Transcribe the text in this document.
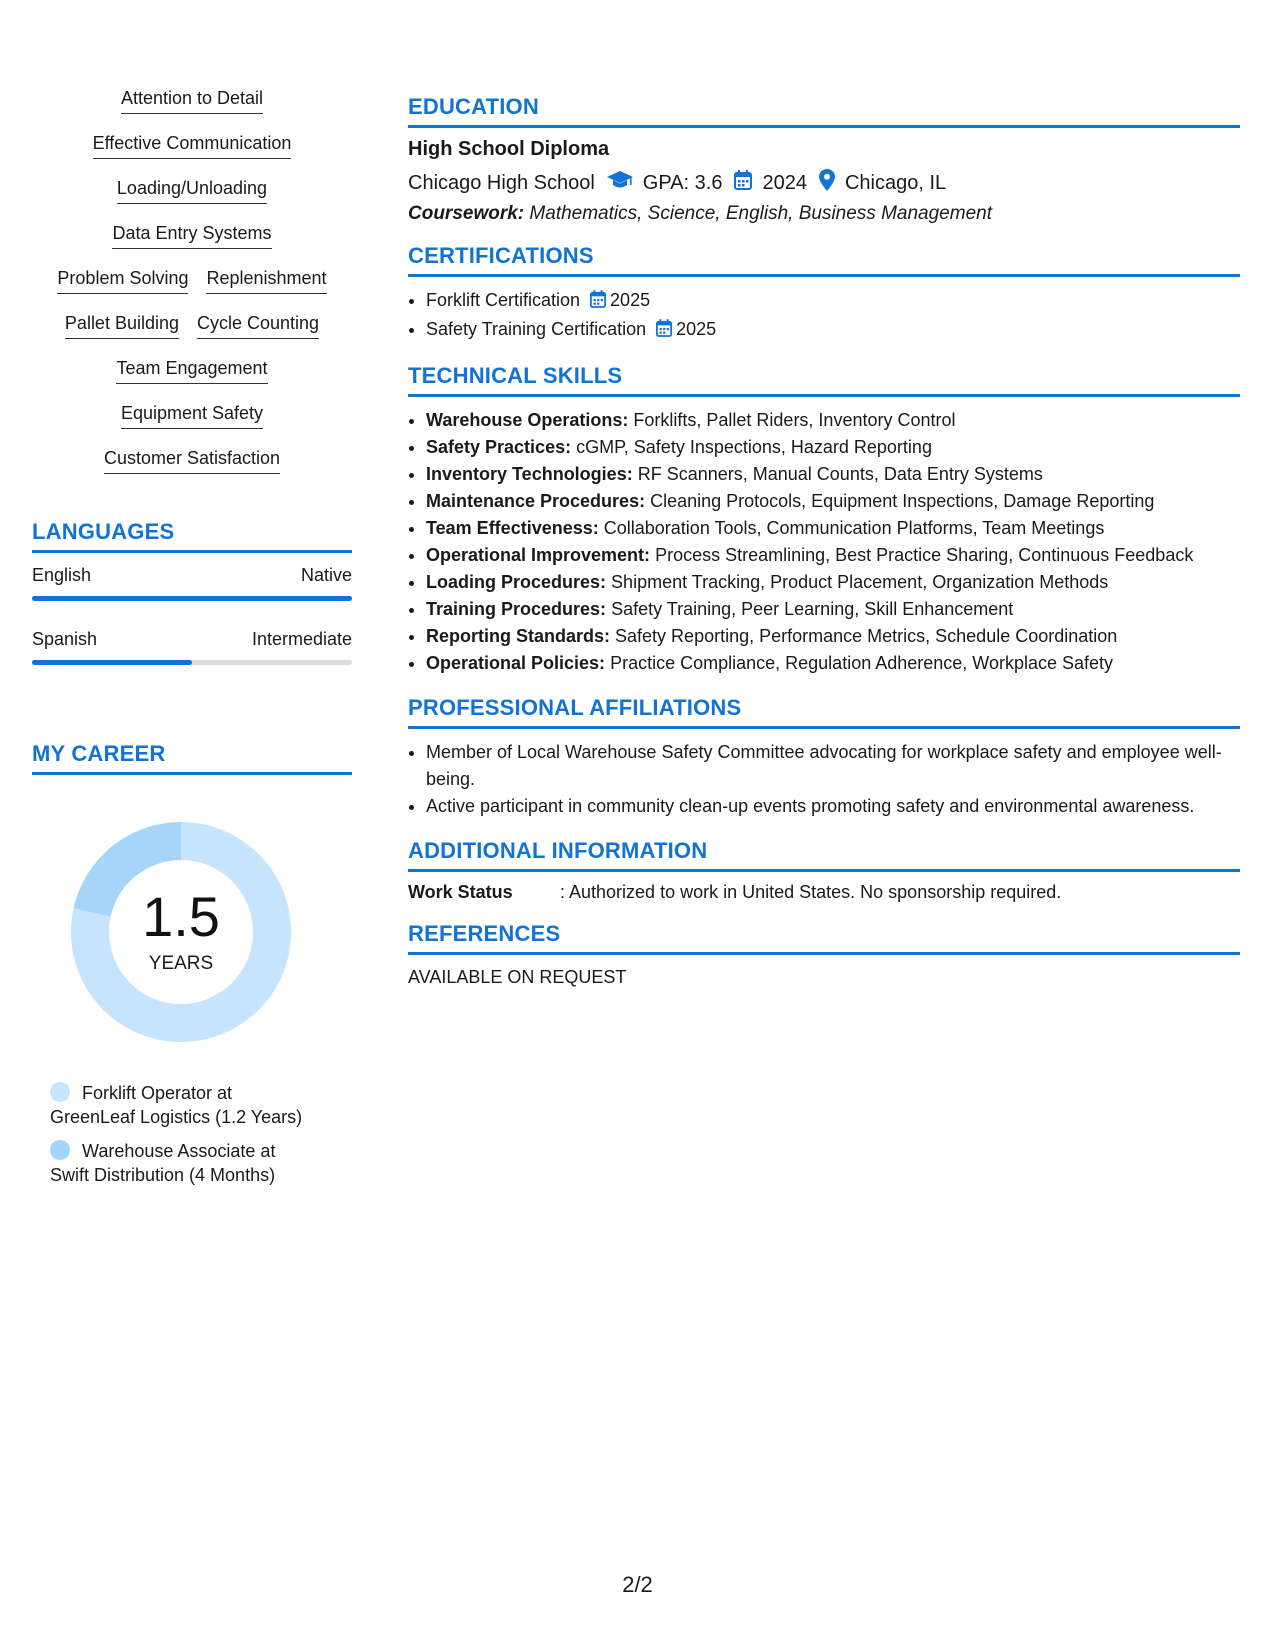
Attention to Detail
Effective Communication
Loading/Unloading
Data Entry Systems
Problem Solving Replenishment
Pallet Building Cycle Counting
Team Engagement
Equipment Safety
Customer Satisfaction
LANGUAGES
English	Native
Spanish	Intermediate
MY CAREER
1.5
YEARS
Forklift Operator at
GreenLeaf Logistics (1.2 Years)
Warehouse Associate at
Swift Distribution (4 Months)
EDUCATION
High School Diploma
Chicago High School GPA: 3.6 2024 Chicago, IL
Coursework: Mathematics, Science, English, Business Management
CERTIFICATIONS
• Forklift Certification 2025
• Safety Training Certification 2025
TECHNICAL SKILLS
• Warehouse Operations: Forklifts, Pallet Riders, Inventory Control
• Safety Practices: cGMP, Safety Inspections, Hazard Reporting
• Inventory Technologies: RF Scanners, Manual Counts, Data Entry Systems
• Maintenance Procedures: Cleaning Protocols, Equipment Inspections, Damage Reporting
• Team Effectiveness: Collaboration Tools, Communication Platforms, Team Meetings
• Operational Improvement: Process Streamlining, Best Practice Sharing, Continuous Feedback
• Loading Procedures: Shipment Tracking, Product Placement, Organization Methods
• Training Procedures: Safety Training, Peer Learning, Skill Enhancement
• Reporting Standards: Safety Reporting, Performance Metrics, Schedule Coordination
• Operational Policies: Practice Compliance, Regulation Adherence, Workplace Safety
PROFESSIONAL AFFILIATIONS
• Member of Local Warehouse Safety Committee advocating for workplace safety and employee well-being.
• Active participant in community clean-up events promoting safety and environmental awareness.
ADDITIONAL INFORMATION
Work Status	: Authorized to work in United States. No sponsorship required.
REFERENCES
AVAILABLE ON REQUEST
2/2
